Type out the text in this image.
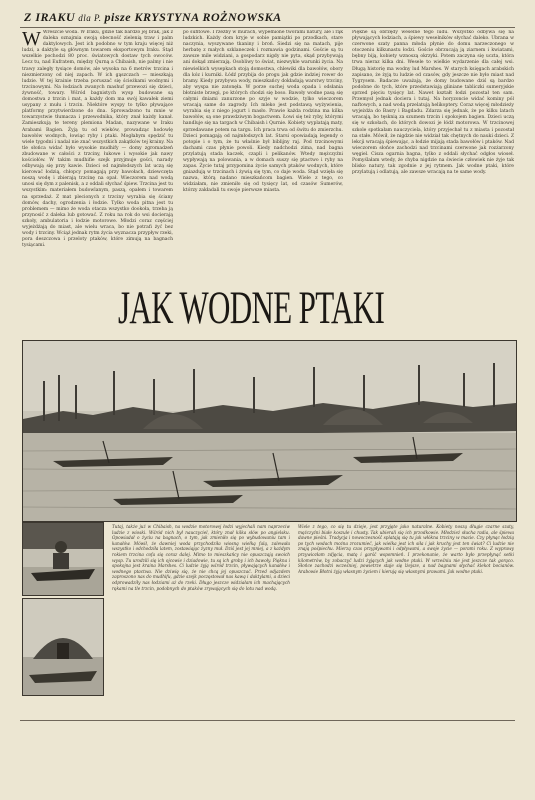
Z IRAKU dla P. pisze KRYSTYNA ROŻNOWSKA

W Wreszcie woda. W Iraku, gdzie tak bardzo jej brak, jak z daleka oznajmia swoją obecność zielenią traw i palm daktylowych. Jest ich podobno w tym kraju więcej niż ludzi, a daktyle są głównym towarem eksportowym Iraku. Stąd wszelkie pochodzi 80 proc. światowych dostaw tych owoców. Lecz tu, nad Eufratem, między Qurną a Chibaish, nie palmy i nie trawy zaległy tysiące domów, ale wysoka na 6 metrów trzcina i niezmierzony od niej zapach. W ich gąszczach — mieszkają ludzie. W tej krainie trzeba poruszać się ścieżkami wodnymi i trzcinowymi. Na łodziach zwanych mashuf przewozi się dzieci, żywność, towary. Wśród bagnistych wysp budowane są domostwa z trzcin i mat, a każdy dom ma swój kawałek ziemi usypany z mułu i trzcin. Niektóre wyspy to tylko pływające platformy przytwierdzone do dna. Sprowadzono tu mnie w towarzystwie tłumacza i przewodnika, który znał każdy kanał. Zamieszkują te tereny plemiona Madan, nazywane w Iraku Arabami Bagien. Żyją tu od wieków, prowadząc hodowlę bawołów wodnych, łowiąc ryby i ptaki. Mogłabym spędzić tu wiele tygodni i nadal nie znać wszystkich zakątków tej krainy. Na tle słońca widać było wysokie mudhify — domy zgromadzeń zbudowane w całości z trzciny, łukowe i wysokie jak nawy kościołów. W takim mudhifie szejk przyjmuje gości, narady odbywają się przy kawie. Dzieci od najmłodszych lat uczą się kierować łodzią, chłopcy pomagają przy bawołach, dziewczęta noszą wodę i zbierają trzcinę na opał. Wieczorem nad wodą unosi się dym z palenisk, a z oddali słychać śpiew. Trzcina jest tu wszystkim: materiałem budowlanym, paszą, opałem i towarem na sprzedaż. Z mat plecionych z trzciny wyrabia się ściany domów, dachy, ogrodzenia i łodzie. Tylko woda pitna jest tu problemem — mimo że woda otacza wszystko dookoła, trzeba ją przynosić z daleka lub gotować. Z roku na rok do wsi docierają szkoły, ambulatoria i łodzie motorowe. Młodzi coraz częściej wyjeżdżają do miast, ale wielu wraca, bo nie potrafi żyć bez wody i trzciny. Wciąż jednak rytm życia wyznacza przypływ rzeki, pora deszczowa i przeloty ptaków, które zimują na bagnach tysiącami.

po sufitowe. I rzeźby w murach, wypełnione tworami natury, ale i rąk ludzkich. Każdy dom kryje w sobie pamiątki po przodkach, stare naczynia, wyszywane tkaniny i broń. Siedzi się na matach, pije herbatę z małych szklaneczek i rozmawia godzinami. Goście są tu zawsze mile widziani, a gospodarz nigdy nie pyta, skąd przybywają ani dokąd zmierzają. Osobliwy to świat, niezwykle warunki życia. Na niewielkich wysepkach stoją domostwa, chlewiki dla bawołów, obory dla kóz i kurniki. Łódź przybija do progu jak gdzie indziej rower do bramy. Kiedy przybywa wody, mieszkańcy dokładają warstwy trzciny, aby wyspa nie zatonęła. W porze suchej woda opada i odsłania błotniste brzegi, po których chodzi się boso. Bawoły wodne pasą się całymi dniami zanurzone po szyje w wodzie, tylko wieczorem wracają same do zagrody. Ich mleko jest podstawą wyżywienia, wyrabia się z niego jogurt i masło. Prawie każda rodzina ma kilka bawołów, są one prawdziwym bogactwem. Łowi się też ryby, którymi handluje się na targach w Chibaish i Qurnie. Kobiety wyplatają maty, sprzedawane potem na targu. Ich praca trwa od świtu do zmierzchu. Dzieci pomagają od najmłodszych lat. Starsi opowiadają legendy o potopie i o tym, że tu właśnie był biblijny raj. Pod trzcinowymi dachami czas płynie powoli. Kiedy nadchodzi zima, nad bagna przylatują stada kaczek, czapli i pelikanów. Wtedy mężczyźni wypływają na polowania, a w domach suszy się ptactwo i ryby na zapas. Życie tutaj przypomina życie samych ptaków wodnych, które gniazdują w trzcinach i żywią się tym, co daje woda. Stąd wzięła się nazwa, którą nadano mieszkańcom bagien. Wiele z tego, co widziałam, nie zmieniło się od tysięcy lat, od czasów Sumerów, którzy zakładali tu swoje pierwsze miasta.

Piękne są obrzędy weselne tego ludu. Wszystko odbywa się na pływających łodziach, a śpiewy weselników słychać daleko. Ubrana w czerwone szaty panna młoda płynie do domu narzeczonego w otoczeniu kilkunastu łodzi. Goście obrzucają ją ziarnem i kwiatami, bębny biją, kobiety wznoszą okrzyki. Potem zaczyna się uczta, która trwa nieraz kilka dni. Wesele to wielkie wydarzenie dla całej wsi. Długą historię ma wodny lud Marshes. W starych księgach arabskich zapisano, że żyją tu ludzie od czasów, gdy jeszcze nie było miast nad Tygrysem. Badacze uważają, że domy budowane dziś są bardzo podobne do tych, które przedstawiają gliniane tabliczki sumeryjskie sprzed pięciu tysięcy lat. Nawet kształt łodzi pozostał ten sam. Przemysł jednak dociera i tutaj. Na horyzoncie widać kominy pól naftowych, a nad wodą przelatują helikoptery. Coraz więcej młodzieży wyjeżdża do Basry i Bagdadu. Zdarza się jednak, że po kilku latach wracają, bo tęsknią za szumem trzcin i spokojem bagien. Dzieci uczą się w szkołach, do których dowozi je łódź motorowa. W trzcinowej szkole spotkałam nauczyciela, który przyjechał tu z miasta i pozostał na stałe. Mówił, że nigdzie nie widział tak chętnych do nauki dzieci. Z lekcji wracają śpiewając, a łodzie mijają stada bawołów i ptaków. Nad wieczorem słońce zachodzi nad trzcinami czerwone jak rozżarzony węgiel. Cisza ogarnia bagna, tylko z oddali słychać odgłos wioseł. Pomyślałam wtedy, że chyba nigdzie na świecie człowiek nie żyje tak blisko natury, tak zgodnie z jej rytmem. Jak wodne ptaki, które przylatują i odlatują, ale zawsze wracają na te same wody.

JAK WODNE PTAKI

Tutaj, także już w Chibaish, na wodzie motorowej łodzi wyjechali nam naprzeciw ludzie z wioski. Wśród nich był nauczyciel, który znał kilka słów po angielsku. Opowiadał o życiu na bagnach, o tym, jak zmieniło się po wybudowaniu tam i kanałów. Mówił, że dawniej woda przychodziła wiosną wielką falą, zalewała wszystko i odchodziła latem, zostawiając żyzny muł. Dziś jest jej mniej, a z każdym rokiem trzcina cofa się coraz dalej. Mimo to mieszkańcy nie opuszczają swoich wysp. Tu urodzili się ich ojcowie i dziadowie, tu są ich groby i ich bawoły. Piękna i spokojna jest kraina Marshes. Ci ludzie żyją wśród trzcin, pływających kanałów i wodnego ptactwa. Nie dziwię się, że nie chcą jej opuszczać. Przed odjazdem zaproszono nas do mudhifu, gdzie szejk poczęstował nas kawą i daktylami, a dzieci odprowadziły nas łodziami aż do rzeki. Długo jeszcze widziałam ich machających rękami na tle trzcin, podobnych do ptaków zrywających się do lotu nad wodą.

Wiele z tego, co się tu dzieje, jest przyjęte jako naturalne. Kobiety noszą długie czarne szaty, mężczyźni białe koszule i chusty. Tak ubierali się ich przodkowie. Młodzież słucha radia, ale śpiewa dawne pieśni. Tradycja i nowoczesność splatają się tu jak włókna trzciny w macie. Czy płynąc łodzią po tych wodach można zrozumieć, jak wielka jest ich siła i jak kruchy jest ten świat? Ci ludzie nie znają pośpiechu. Mierzą czas przypływami i odpływami, a swoje życie — porami roku. Z wyprawy przywiozłam zdjęcia, matę i garść wspomnień. I przekonanie, że warto było przepłynąć setki kilometrów, by zobaczyć ludzi żyjących jak wodne ptaki. W wrześniu nie jest jeszcze tak gorąco. Słońce zachodzi wcześniej, powietrze staje się lżejsze, a nad bagnami słychać klekot bocianów. Arabowie Błotni żyją własnym życiem i kierują się własnymi prawami. Jak wodne ptaki.
